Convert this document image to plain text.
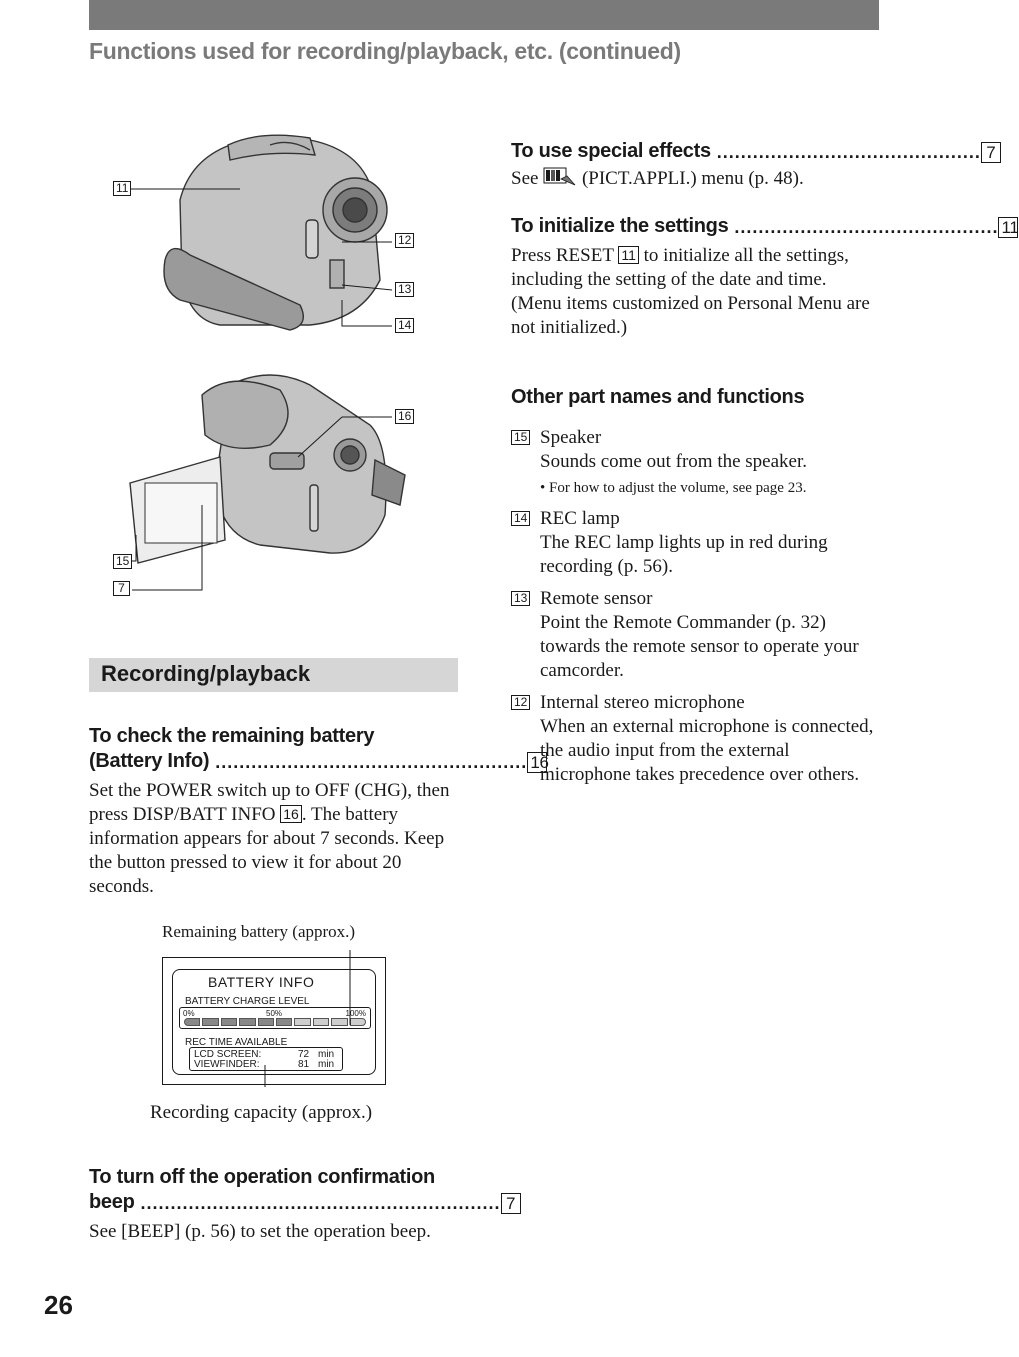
Functions used for recording/playback, etc. (continued)
11
12
13
14
16
15
7
Recording/playback
To check the remaining battery
(Battery Info) .................................................... 16

Set the POWER switch up to OFF (CHG), then press DISP/BATT INFO 16 . The battery information appears for about 7 seconds. Keep the button pressed to view it for about 20 seconds.

Remaining battery (approx.)
BATTERY INFO
BATTERY CHARGE LEVEL
0%	50%	100%
REC TIME AVAILABLE
LCD SCREEN:	72 min
VIEWFINDER:	81 min
Recording capacity (approx.)
To turn off the operation confirmation
beep ............................................................ 7

See [BEEP] (p. 56) to set the operation beep.

To use special effects ............................................ 7

See (PICT.APPLI.) menu (p. 48).

To initialize the settings ............................................ 11

Press RESET 11 to initialize all the settings, including the setting of the date and time.

(Menu items customized on Personal Menu are not initialized.)

Other part names and functions
15 Speaker
Sounds come out from the speaker.
• For how to adjust the volume, see page 23.
14 REC lamp
The REC lamp lights up in red during recording (p. 56).
13 Remote sensor
Point the Remote Commander (p. 32) towards the remote sensor to operate your camcorder.
12 Internal stereo microphone
When an external microphone is connected, the audio input from the external microphone takes precedence over others.
26
